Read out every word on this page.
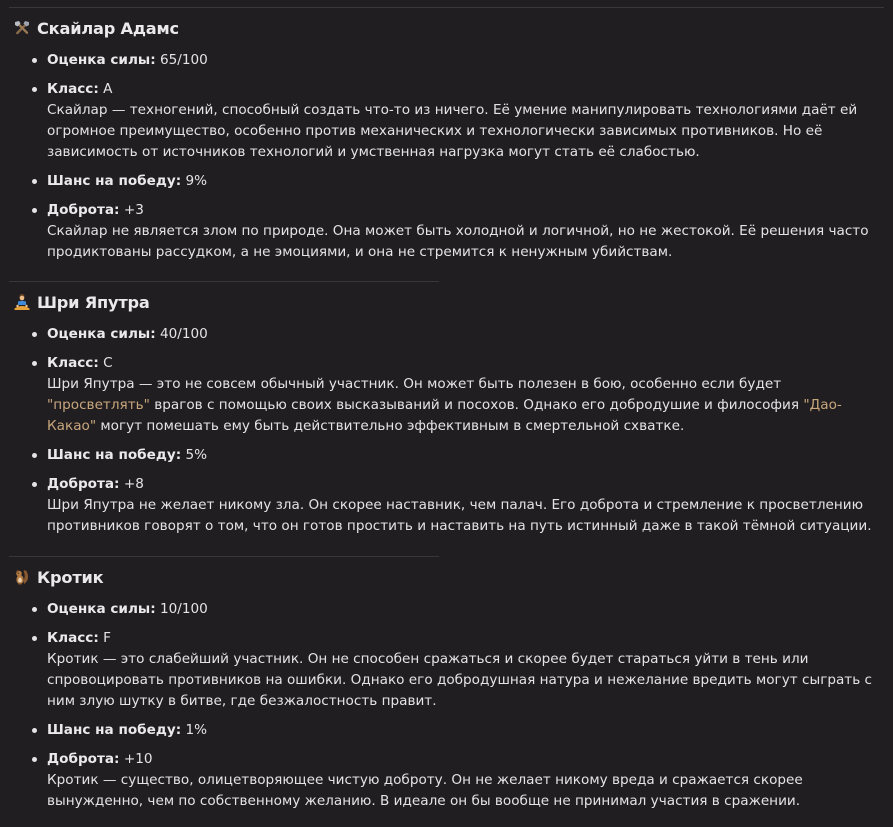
Скайлар Адамс
Оценка силы: 65/100
Класс: A
Скайлар — техногений, способный создать что-то из ничего. Её умение манипулировать технологиями даёт ей огромное преимущество, особенно против механических и технологически зависимых противников. Но её зависимость от источников технологий и умственная нагрузка могут стать её слабостью.
Шанс на победу: 9%
Доброта: +3
Скайлар не является злом по природе. Она может быть холодной и логичной, но не жестокой. Её решения часто продиктованы рассудком, а не эмоциями, и она не стремится к ненужным убийствам.
Шри Япутра
Оценка силы: 40/100
Класс: C
Шри Япутра — это не совсем обычный участник. Он может быть полезен в бою, особенно если будет "просветлять" врагов с помощью своих высказываний и посохов. Однако его добродушие и философия "Дао-Какао" могут помешать ему быть действительно эффективным в смертельной схватке.
Шанс на победу: 5%
Доброта: +8
Шри Япутра не желает никому зла. Он скорее наставник, чем палач. Его доброта и стремление к просветлению противников говорят о том, что он готов простить и наставить на путь истинный даже в такой тёмной ситуации.
Кротик
Оценка силы: 10/100
Класс: F
Кротик — это слабейший участник. Он не способен сражаться и скорее будет стараться уйти в тень или спровоцировать противников на ошибки. Однако его добродушная натура и нежелание вредить могут сыграть с ним злую шутку в битве, где безжалостность правит.
Шанс на победу: 1%
Доброта: +10
Кротик — существо, олицетворяющее чистую доброту. Он не желает никому вреда и сражается скорее вынужденно, чем по собственному желанию. В идеале он бы вообще не принимал участия в сражении.
